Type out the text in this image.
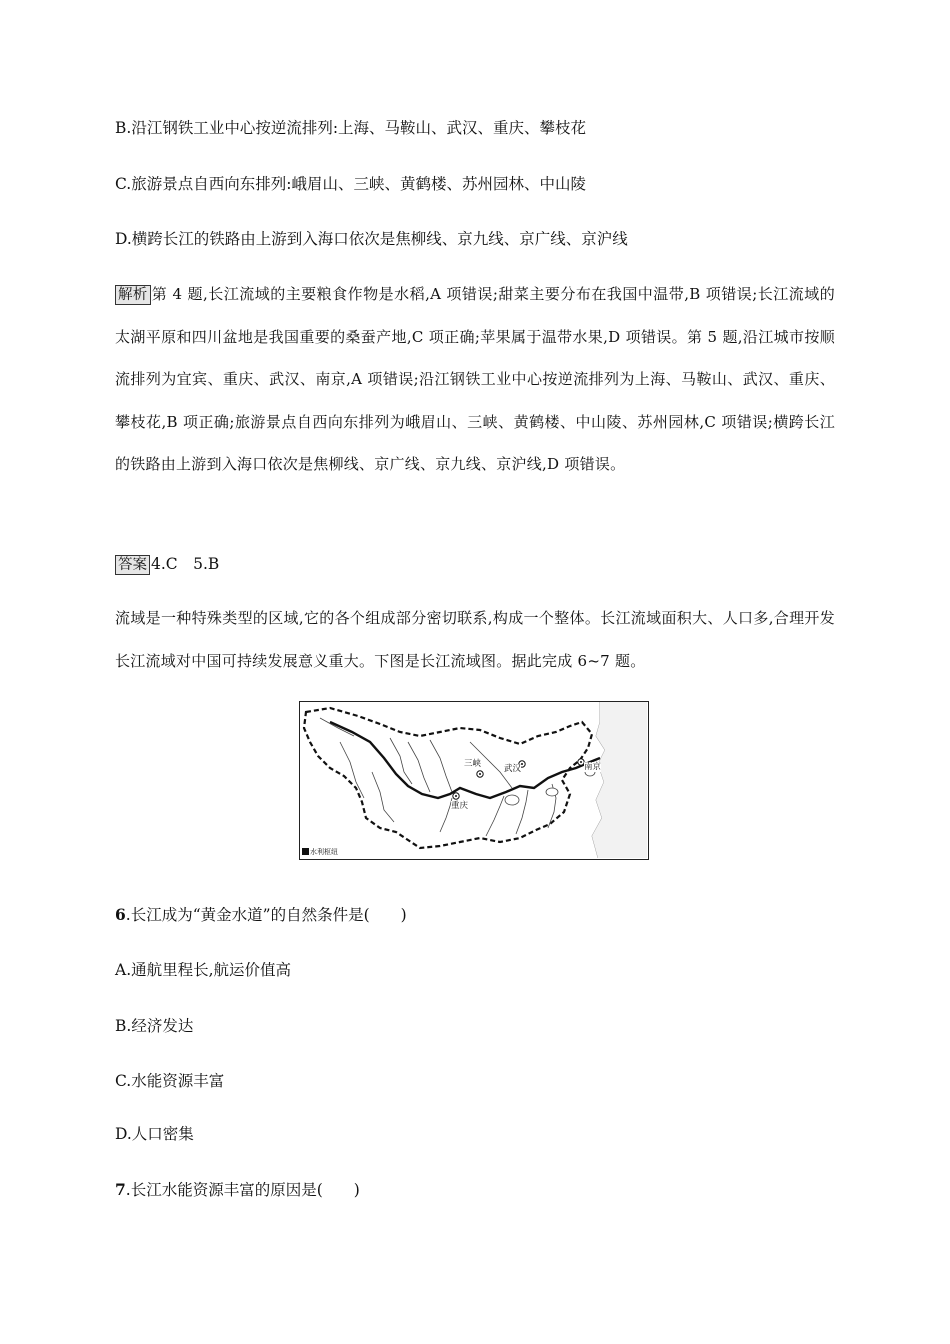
B.沿江钢铁工业中心按逆流排列:上海、马鞍山、武汉、重庆、攀枝花
C.旅游景点自西向东排列:峨眉山、三峡、黄鹤楼、苏州园林、中山陵
D.横跨长江的铁路由上游到入海口依次是焦柳线、京九线、京广线、京沪线
解析 第 4 题,长江流域的主要粮食作物是水稻,A 项错误;甜菜主要分布在我国中温带,B 项错误;长江流域的太湖平原和四川盆地是我国重要的桑蚕产地,C 项正确;苹果属于温带水果,D 项错误。第 5 题,沿江城市按顺流排列为宜宾、重庆、武汉、南京,A 项错误;沿江钢铁工业中心按逆流排列为上海、马鞍山、武汉、重庆、攀枝花,B 项正确;旅游景点自西向东排列为峨眉山、三峡、黄鹤楼、中山陵、苏州园林,C 项错误;横跨长江的铁路由上游到入海口依次是焦柳线、京广线、京九线、京沪线,D 项错误。
答案 4.C　5.B
流域是一种特殊类型的区域,它的各个组成部分密切联系,构成一个整体。长江流域面积大、人口多,合理开发长江流域对中国可持续发展意义重大。下图是长江流域图。据此完成 6~7 题。
三峡	武汉	南京
重庆
水利枢纽
6.长江成为“黄金水道”的自然条件是(　　)
A.通航里程长,航运价值高
B.经济发达
C.水能资源丰富
D.人口密集
7.长江水能资源丰富的原因是(　　)
